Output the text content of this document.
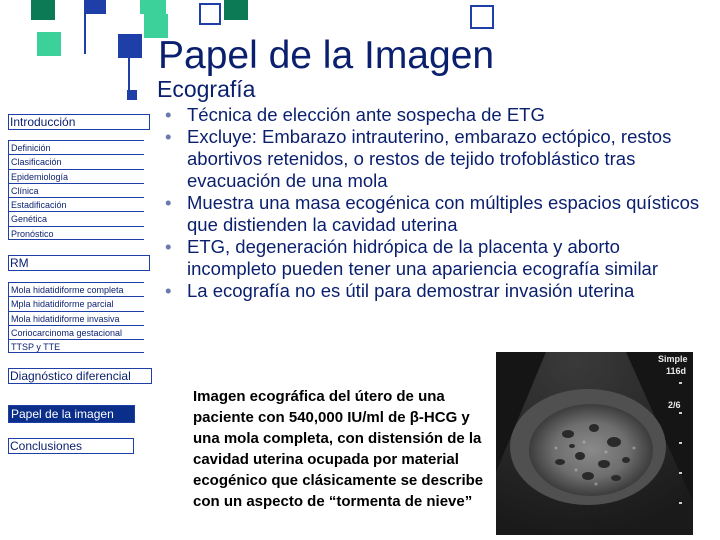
Papel de la Imagen
Ecografía
Introducción
Definición
Clasificación
Epidemiología
Clínica
Estadificación
Genética
Pronóstico
RM
Mola hidatidiforme completa
Mpla hidatidiforme parcial
Mola hidatidiforme invasiva
Coriocarcinoma gestacional
TTSP y TTE
Diagnóstico diferencial
Papel de la imagen
Conclusiones
• Técnica de elección ante sospecha de ETG
• Excluye: Embarazo intrauterino, embarazo ectópico, restos abortivos retenidos, o restos de tejido trofoblástico tras evacuación de una mola
• Muestra una masa ecogénica con múltiples espacios quísticos que distienden la cavidad uterina
• ETG, degeneración hidrópica de la placenta y aborto incompleto pueden tener una apariencia ecografía similar
• La ecografía no es útil para demostrar invasión uterina
Imagen ecográfica del útero de una paciente con 540,000 IU/ml de β-HCG y una mola completa, con distensión de la cavidad uterina ocupada por material ecogénico que clásicamente se describe con un aspecto de “tormenta de nieve”
Simple
116d
2/6
